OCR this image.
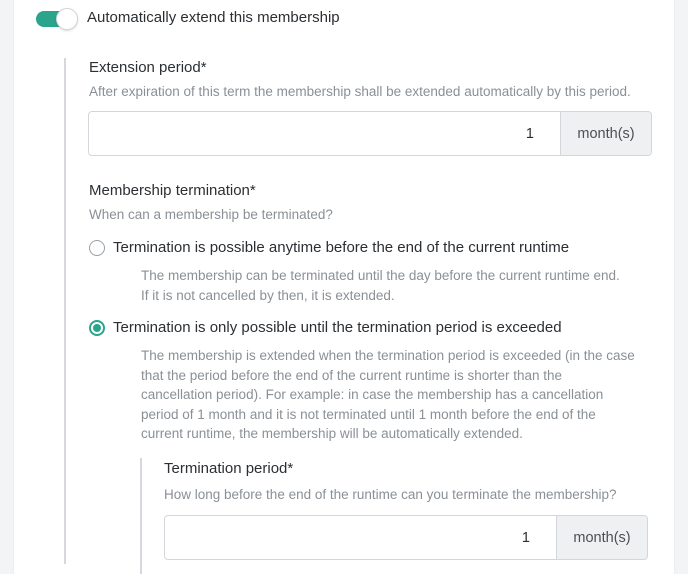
Automatically extend this membership
Extension period*
After expiration of this term the membership shall be extended automatically by this period.
1
month(s)
Membership termination*
When can a membership be terminated?
Termination is possible anytime before the end of the current runtime
The membership can be terminated until the day before the current runtime end.
If it is not cancelled by then, it is extended.
Termination is only possible until the termination period is exceeded
The membership is extended when the termination period is exceeded (in the case
that the period before the end of the current runtime is shorter than the
cancellation period). For example: in case the membership has a cancellation
period of 1 month and it is not terminated until 1 month before the end of the
current runtime, the membership will be automatically extended.
Termination period*
How long before the end of the runtime can you terminate the membership?
1
month(s)
